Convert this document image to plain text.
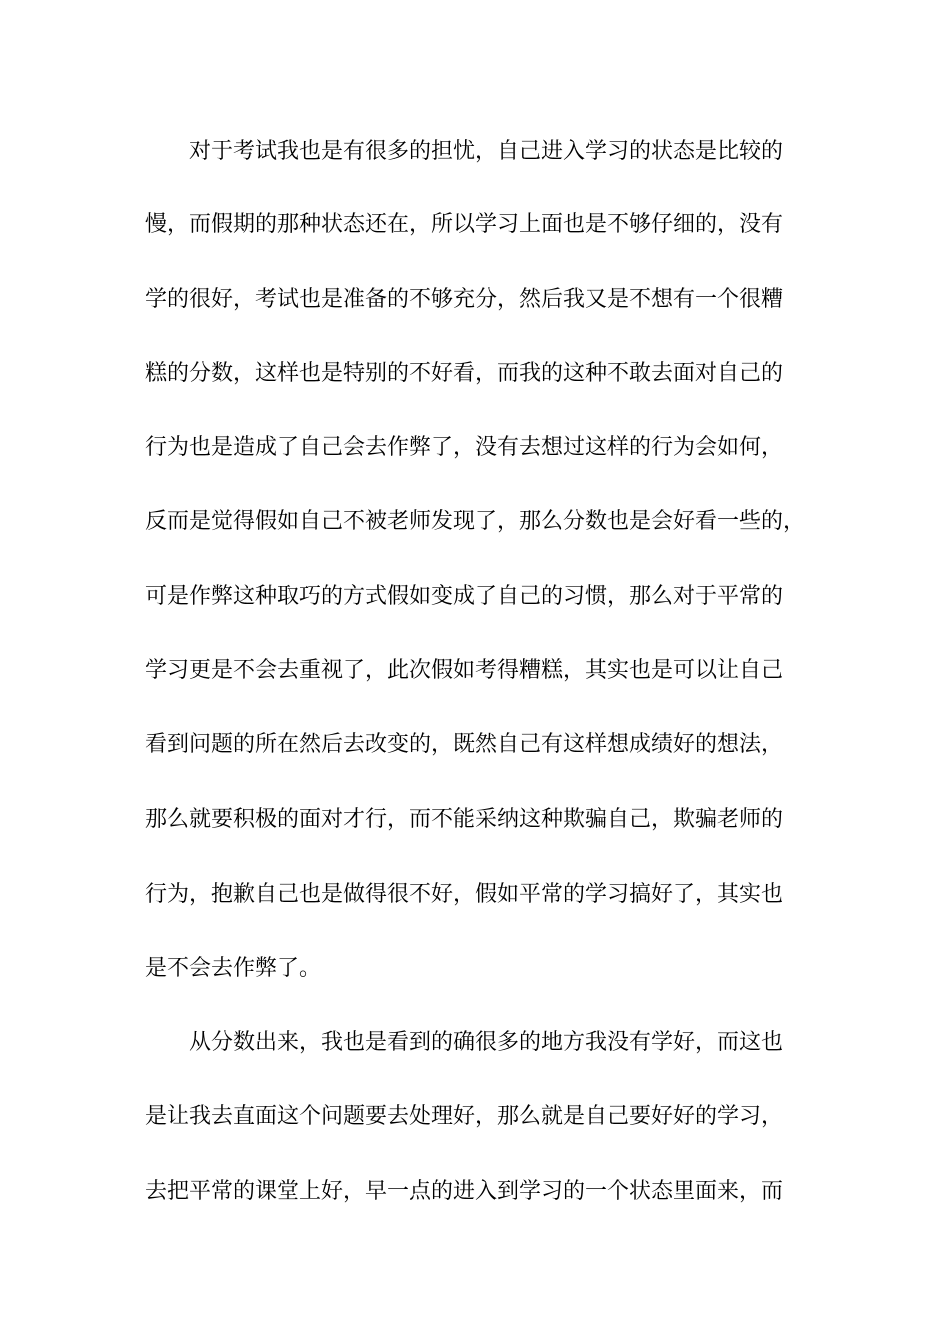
对于考试我也是有很多的担忧，自己进入学习的状态是比较的
慢，而假期的那种状态还在，所以学习上面也是不够仔细的，没有
学的很好，考试也是准备的不够充分，然后我又是不想有一个很糟
糕的分数，这样也是特别的不好看，而我的这种不敢去面对自己的
行为也是造成了自己会去作弊了，没有去想过这样的行为会如何，
反而是觉得假如自己不被老师发现了，那么分数也是会好看一些的，
可是作弊这种取巧的方式假如变成了自己的习惯，那么对于平常的
学习更是不会去重视了，此次假如考得糟糕，其实也是可以让自己
看到问题的所在然后去改变的，既然自己有这样想成绩好的想法，
那么就要积极的面对才行，而不能采纳这种欺骗自己，欺骗老师的
行为，抱歉自己也是做得很不好，假如平常的学习搞好了，其实也
是不会去作弊了。
从分数出来，我也是看到的确很多的地方我没有学好，而这也
是让我去直面这个问题要去处理好，那么就是自己要好好的学习，
去把平常的课堂上好，早一点的进入到学习的一个状态里面来，而
